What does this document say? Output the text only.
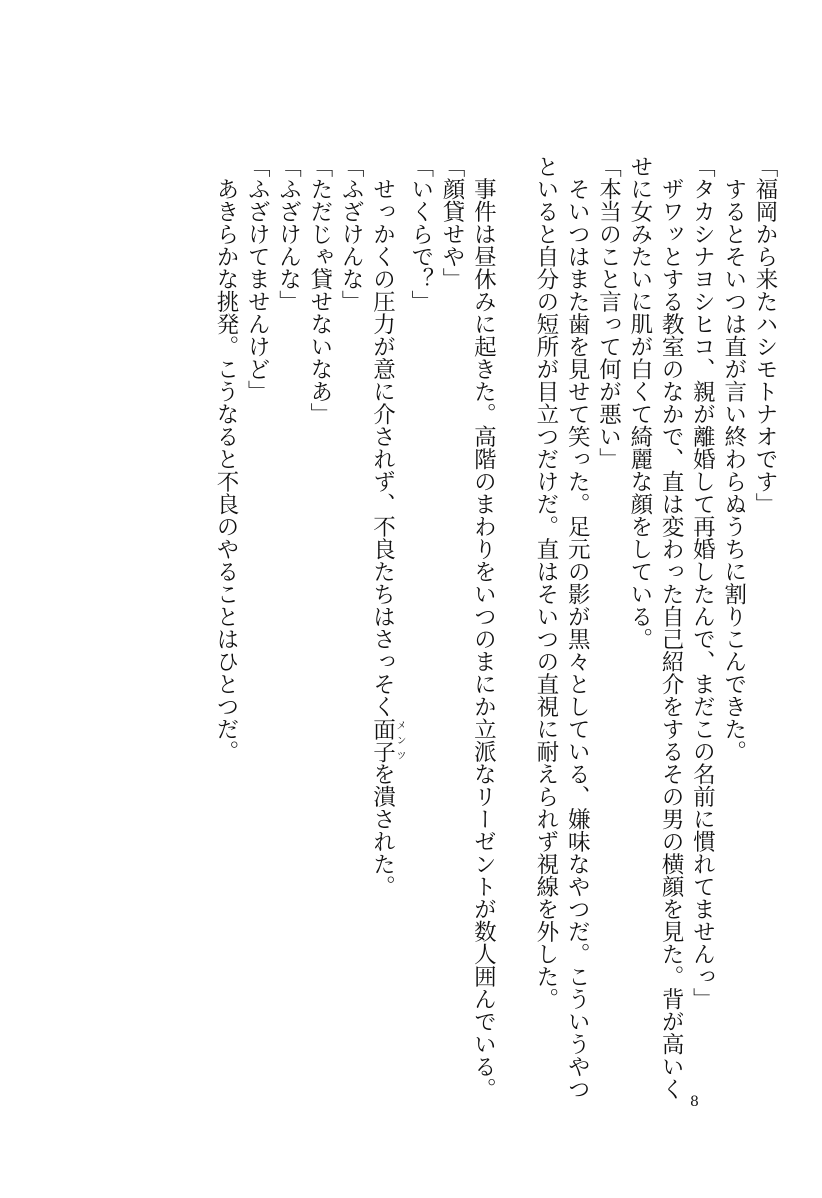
「福岡から来たハシモトナオです」
　するとそいつは直が言い終わらぬうちに割りこんできた。
「タカシナヨシヒコ、親が離婚して再婚したんで、まだこの名前に慣れてませんっ」
　ザワッとする教室のなかで、直は変わった自己紹介をするその男の横顔を見た。背が高いく
せに女みたいに肌が白くて綺麗な顔をしている。
「本当のこと言って何が悪い」
　そいつはまた歯を見せて笑った。足元の影が黒々としている、嫌味なやつだ。こういうやつ
といると自分の短所が目立つだけだ。直はそいつの直視に耐えられず視線を外した。
　事件は昼休みに起きた。高階のまわりをいつのまにか立派なリーゼントが数人囲んでいる。
「顔貸せや」
「いくらで？」
　せっかくの圧力が意に介されず、不良たちはさっそく面子メンツを潰された。
「ふざけんな」
「ただじゃ貸せないなあ」
「ふざけんな」
「ふざけてませんけど」
　あきらかな挑発。こうなると不良のやることはひとつだ。
8
